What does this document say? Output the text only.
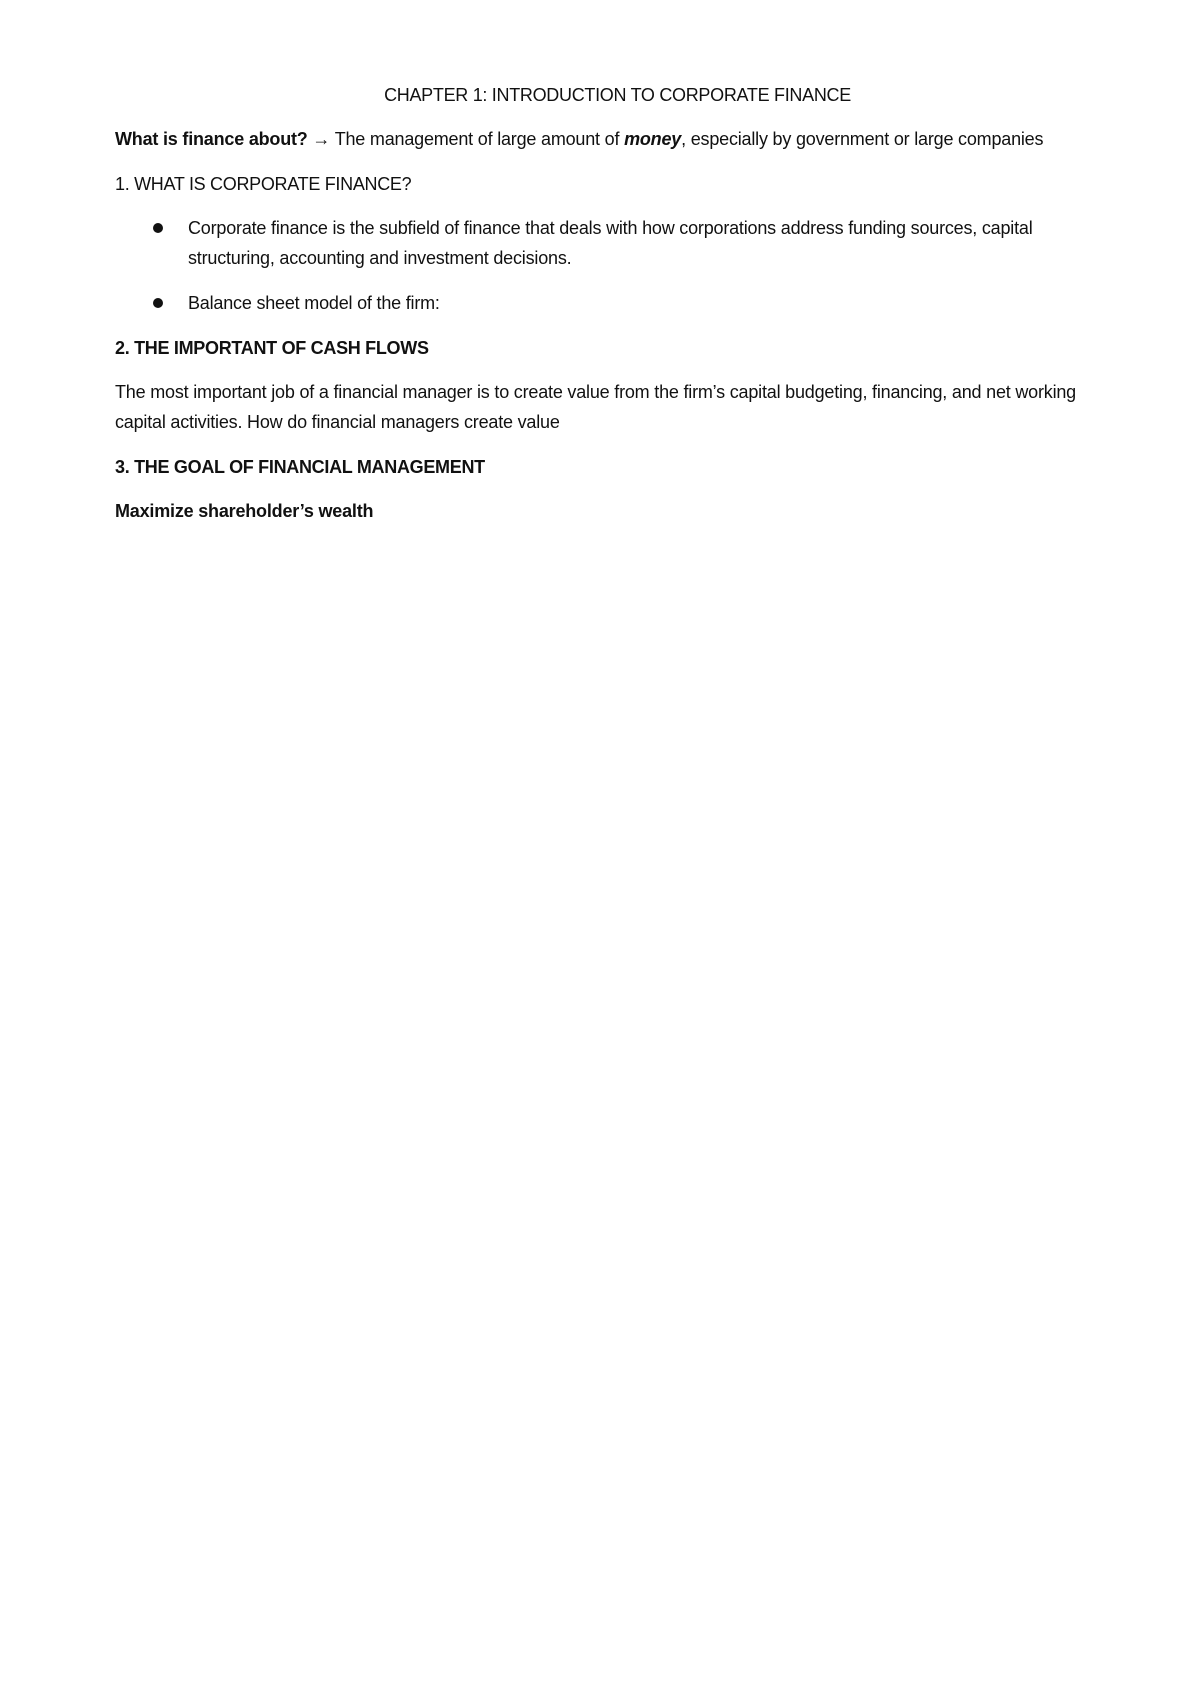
CHAPTER 1: INTRODUCTION TO CORPORATE FINANCE

What is finance about? → The management of large amount of money, especially by government or large companies

1. WHAT IS CORPORATE FINANCE?
Corporate finance is the subfield of finance that deals with how corporations address funding sources, capital structuring, accounting and investment decisions.
Balance sheet model of the firm:
2. THE IMPORTANT OF CASH FLOWS

The most important job of a financial manager is to create value from the firm’s capital budgeting, financing, and net working capital activities. How do financial managers create value

3. THE GOAL OF FINANCIAL MANAGEMENT

Maximize shareholder’s wealth
